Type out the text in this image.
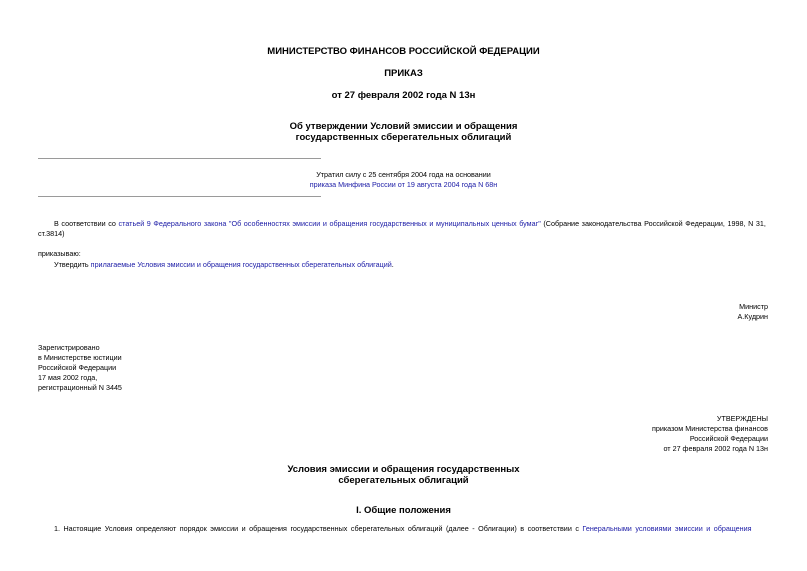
МИНИСТЕРСТВО ФИНАНСОВ РОССИЙСКОЙ ФЕДЕРАЦИИ
ПРИКАЗ
от 27 февраля 2002 года N 13н
Об утверждении Условий эмиссии и обращения
государственных сберегательных облигаций
Утратил силу с 25 сентября 2004 года на основании
приказа Минфина России от 19 августа 2004 года N 68н
В соответствии со статьей 9 Федерального закона "Об особенностях эмиссии и обращения государственных и муниципальных ценных бумаг" (Собрание законодательства Российской Федерации, 1998, N 31,
ст.3814)
приказываю:
Утвердить прилагаемые Условия эмиссии и обращения государственных сберегательных облигаций.
Министр
А.Кудрин
Зарегистрировано
в Министерстве юстиции
Российской Федерации
17 мая 2002 года,
регистрационный N 3445
УТВЕРЖДЕНЫ
приказом Министерства финансов
Российской Федерации
от 27 февраля 2002 года N 13н
Условия эмиссии и обращения государственных
сберегательных облигаций
I. Общие положения
1. Настоящие Условия определяют порядок эмиссии и обращения государственных сберегательных облигаций (далее - Облигации) в соответствии с Генеральными условиями эмиссии и обращения
